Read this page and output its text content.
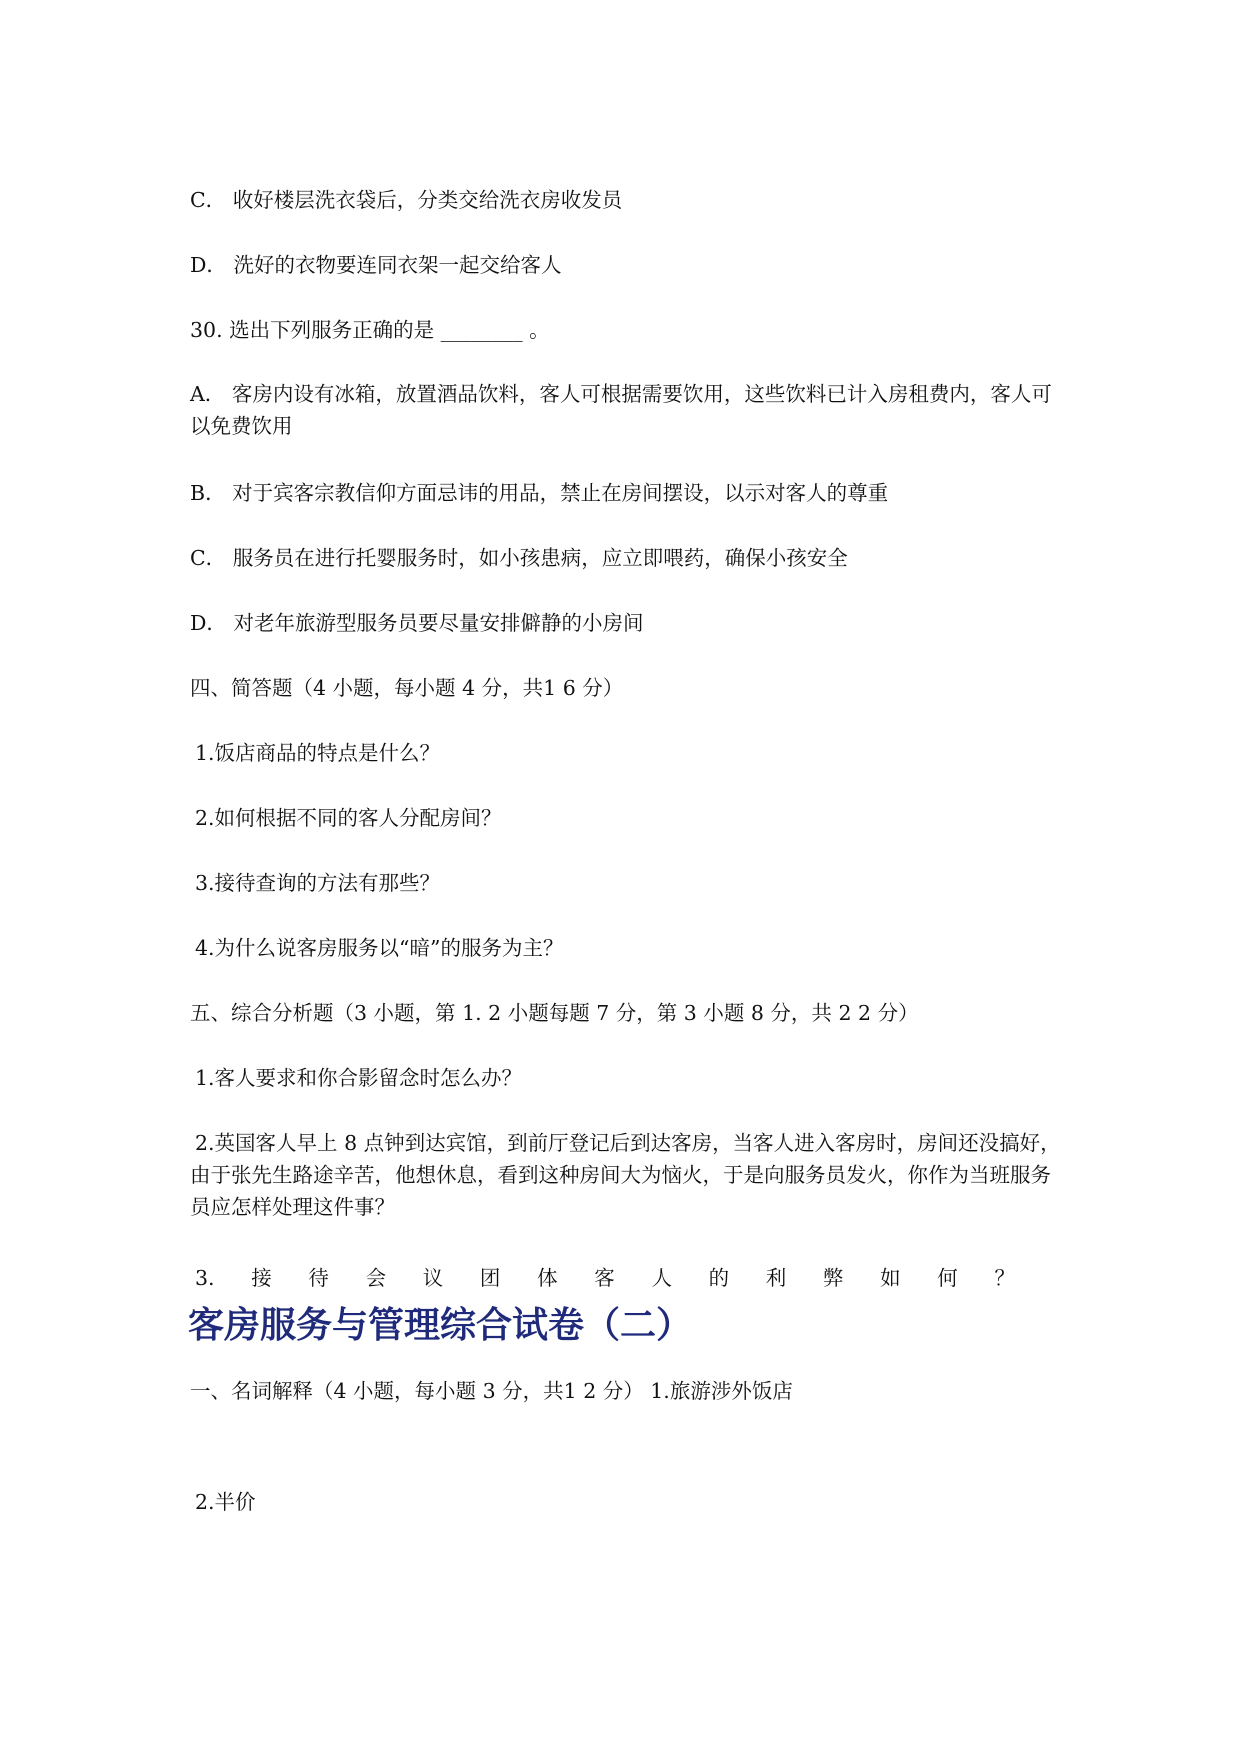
C． 收好楼层洗衣袋后，分类交给洗衣房收发员
D． 洗好的衣物要连同衣架一起交给客人
30. 选出下列服务正确的是 ________ 。
A． 客房内设有冰箱，放置酒品饮料，客人可根据需要饮用，这些饮料已计入房租费内，客人可以免费饮用
B． 对于宾客宗教信仰方面忌讳的用品，禁止在房间摆设，以示对客人的尊重
C． 服务员在进行托婴服务时，如小孩患病，应立即喂药，确保小孩安全
D． 对老年旅游型服务员要尽量安排僻静的小房间
四、简答题（4 小题，每小题 4 分，共1 6 分）
1.饭店商品的特点是什么？
2.如何根据不同的客人分配房间？
3.接待查询的方法有那些？
4.为什么说客房服务以“暗”的服务为主？
五、综合分析题（3 小题，第 1. 2 小题每题 7 分，第 3 小题 8 分，共 2 2 分）
1.客人要求和你合影留念时怎么办？
2.英国客人早上 8 点钟到达宾馆，到前厅登记后到达客房，当客人进入客房时，房间还没搞好，由于张先生路途辛苦，他想休息，看到这种房间大为恼火，于是向服务员发火，你作为当班服务员应怎样处理这件事？
3. 接 待 会 议 团 体 客 人 的 利 弊 如 何 ？
客房服务与管理综合试卷（二）
一、名词解释（4 小题，每小题 3 分，共1 2 分） 1.旅游涉外饭店
2.半价
